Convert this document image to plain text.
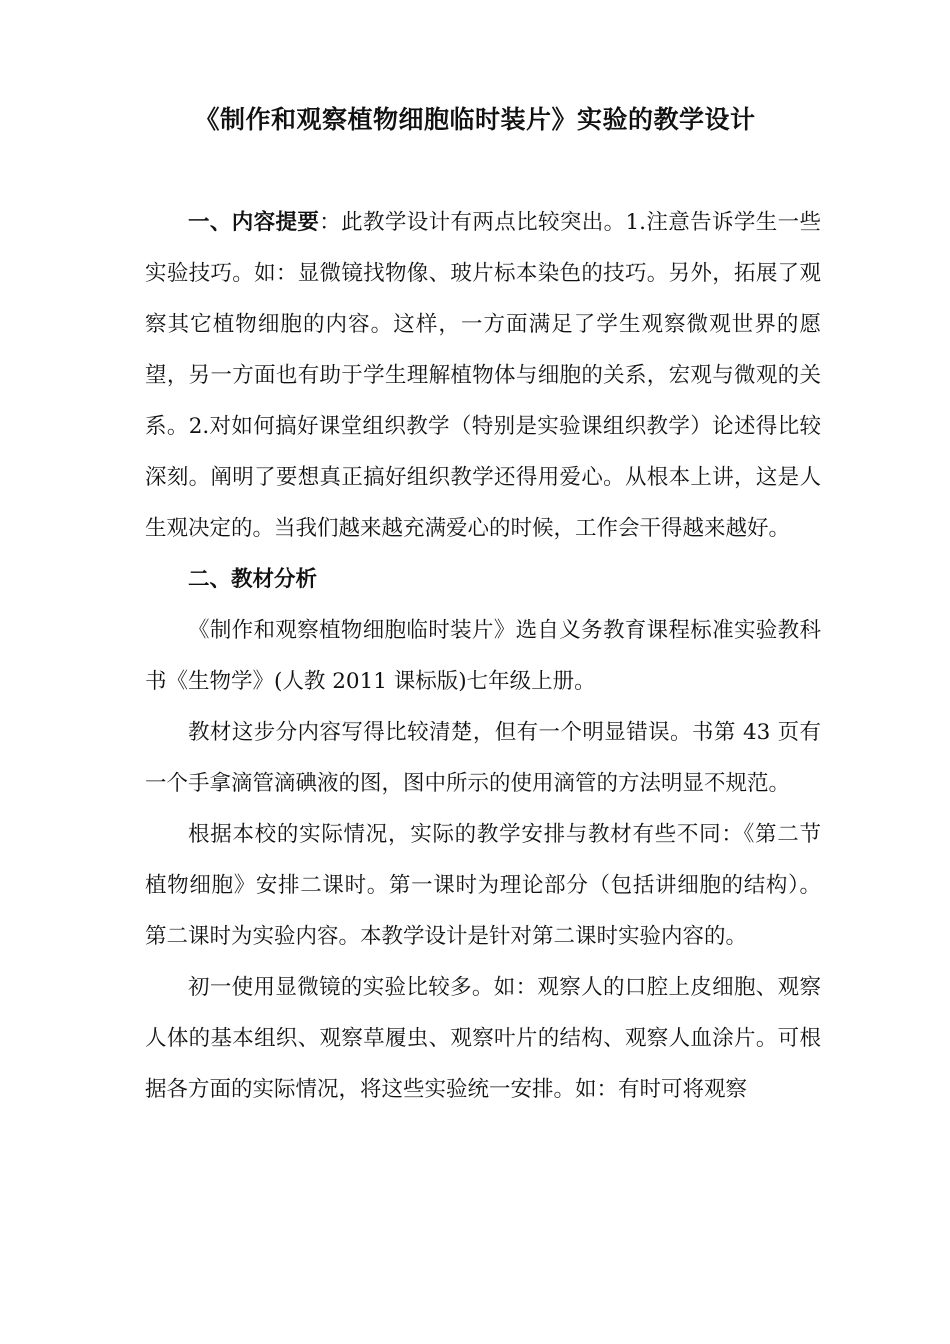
《制作和观察植物细胞临时装片》实验的教学设计

一、内容提要：此教学设计有两点比较突出。1.注意告诉学生一些实验技巧。如：显微镜找物像、玻片标本染色的技巧。另外，拓展了观察其它植物细胞的内容。这样，一方面满足了学生观察微观世界的愿望，另一方面也有助于学生理解植物体与细胞的关系，宏观与微观的关系。2.对如何搞好课堂组织教学（特别是实验课组织教学）论述得比较深刻。阐明了要想真正搞好组织教学还得用爱心。从根本上讲，这是人生观决定的。当我们越来越充满爱心的时候，工作会干得越来越好。

二、教材分析

《制作和观察植物细胞临时装片》选自义务教育课程标准实验教科书《生物学》(人教 2011 课标版)七年级上册。

教材这步分内容写得比较清楚，但有一个明显错误。书第 43 页有一个手拿滴管滴碘液的图，图中所示的使用滴管的方法明显不规范。

根据本校的实际情况，实际的教学安排与教材有些不同：《第二节植物细胞》安排二课时。第一课时为理论部分（包括讲细胞的结构）。第二课时为实验内容。本教学设计是针对第二课时实验内容的。

初一使用显微镜的实验比较多。如：观察人的口腔上皮细胞、观察人体的基本组织、观察草履虫、观察叶片的结构、观察人血涂片。可根据各方面的实际情况，将这些实验统一安排。如：有时可将观察
